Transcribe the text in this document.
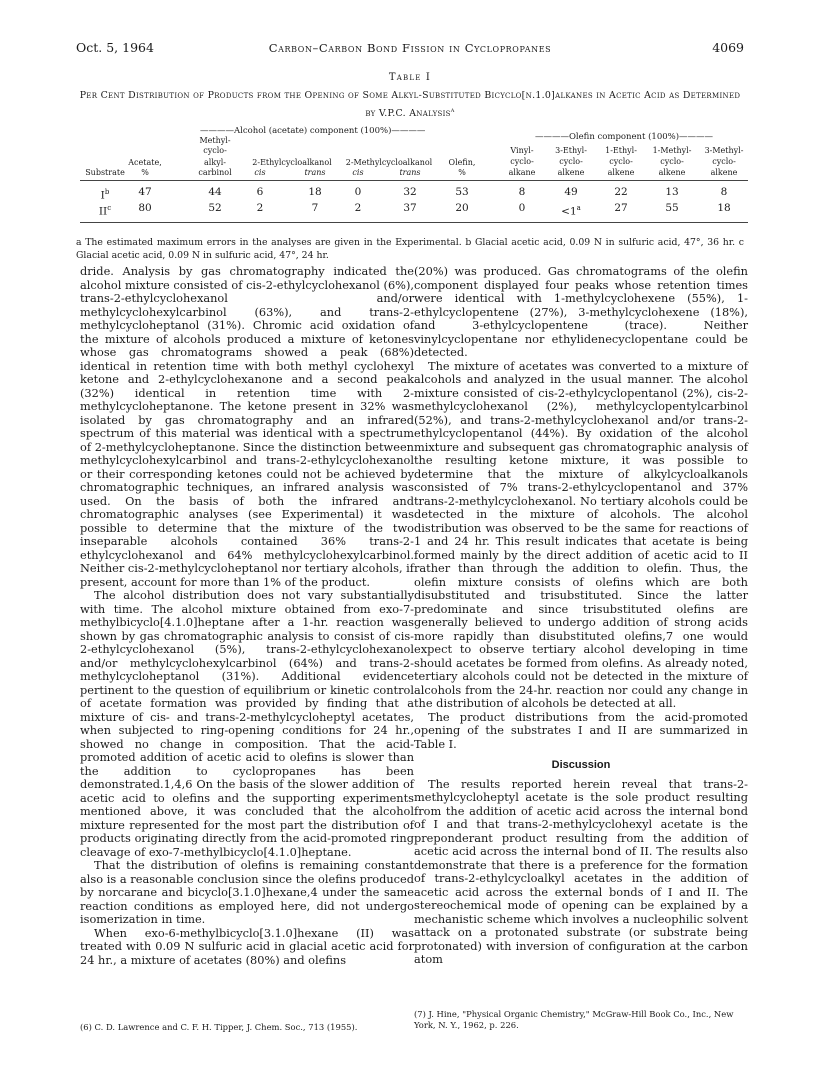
Oct. 5, 1964	Carbon–Carbon Bond Fission in Cyclopropanes	4069
Table I
Per Cent Distribution of Products from the Opening of Some Alkyl-Substituted Bicyclo[n.1.0]alkanes in Acetic Acid as Determined by V.P.C. Analysis$^a$
————Alcohol (acetate) component (100%)————
————Olefin component (100%)————
Substrate
Acetate,
%
Methyl-
cyclo-
alkyl-
carbinol
2-Ethylcycloalkanol
cis	trans
2-Methylcycloalkanol
cis	trans
Olefin,
%
Vinyl-
cyclo-
alkane
3-Ethyl-
cyclo-
alkene
1-Ethyl-
cyclo-
alkene
1-Methyl-
cyclo-
alkene
3-Methyl-
cyclo-
alkene
$I^b$	47	44	6	18	0	32	53	8	49	22	13	8
$II^c$	80	52	2	7	2	37	20	0	$<1^a$	27	55	18
a The estimated maximum errors in the analyses are given in the Experimental. b Glacial acetic acid, 0.09 N in sulfuric acid, 47°, 36 hr. c Glacial acetic acid, 0.09 N in sulfuric acid, 47°, 24 hr.

dride. Analysis by gas chromatography indicated the alcohol mixture consisted of cis-2-ethylcyclohexanol (6%), trans-2-ethylcyclohexanol and/or methylcyclohexylcarbinol (63%), and trans-2-methylcycloheptanol (31%). Chromic acid oxidation of the mixture of alcohols produced a mixture of ketones whose gas chromatograms showed a peak (68%) identical in retention time with both methyl cyclohexyl ketone and 2-ethylcyclohexanone and a second peak (32%) identical in retention time with 2-methylcycloheptanone. The ketone present in 32% was isolated by gas chromatography and an infrared spectrum of this material was identical with a spectrum of 2-methylcycloheptanone. Since the distinction between methylcyclohexylcarbinol and trans-2-ethylcyclohexanol or their corresponding ketones could not be achieved by chromatographic techniques, an infrared analysis was used. On the basis of both the infrared and chromatographic analyses (see Experimental) it was possible to determine that the mixture of the two inseparable alcohols contained 36% trans-2-ethylcyclohexanol and 64% methylcyclohexylcarbinol. Neither cis-2-methylcycloheptanol nor tertiary alcohols, if present, account for more than 1% of the product.

The alcohol distribution does not vary substantially with time. The alcohol mixture obtained from exo-7-methylbicyclo[4.1.0]heptane after a 1-hr. reaction was shown by gas chromatographic analysis to consist of cis-2-ethylcyclohexanol (5%), trans-2-ethylcyclohexanol and/or methylcyclohexylcarbinol (64%) and trans-2-methylcycloheptanol (31%). Additional evidence pertinent to the question of equilibrium or kinetic control of acetate formation was provided by finding that a mixture of cis- and trans-2-methylcycloheptyl acetates, when subjected to ring-opening conditions for 24 hr., showed no change in composition. That the acid-promoted addition of acetic acid to olefins is slower than the addition to cyclopropanes has been demonstrated.1,4,6 On the basis of the slower addition of acetic acid to olefins and the supporting experiments mentioned above, it was concluded that the alcohol mixture represented for the most part the distribution of products originating directly from the acid-promoted ring cleavage of exo-7-methylbicyclo[4.1.0]heptane.

That the distribution of olefins is remaining constant also is a reasonable conclusion since the olefins produced by norcarane and bicyclo[3.1.0]hexane,4 under the same reaction conditions as employed here, did not undergo isomerization in time.

When exo-6-methylbicyclo[3.1.0]hexane (II) was treated with 0.09 N sulfuric acid in glacial acetic acid for 24 hr., a mixture of acetates (80%) and olefins

(20%) was produced. Gas chromatograms of the olefin component displayed four peaks whose retention times were identical with 1-methylcyclohexene (55%), 1-ethylcyclopentene (27%), 3-methylcyclohexene (18%), and 3-ethylcyclopentene (trace). Neither vinylcyclopentane nor ethylidenecyclopentane could be detected.

The mixture of acetates was converted to a mixture of alcohols and analyzed in the usual manner. The alcohol mixture consisted of cis-2-ethylcyclopentanol (2%), cis-2-methylcyclohexanol (2%), methylcyclopentylcarbinol (52%), and trans-2-methylcyclohexanol and/or trans-2-ethylcyclopentanol (44%). By oxidation of the alcohol mixture and subsequent gas chromatographic analysis of the resulting ketone mixture, it was possible to determine that the mixture of alkylcycloalkanols consisted of 7% trans-2-ethylcyclopentanol and 37% trans-2-methylcyclohexanol. No tertiary alcohols could be detected in the mixture of alcohols. The alcohol distribution was observed to be the same for reactions of 1 and 24 hr. This result indicates that acetate is being formed mainly by the direct addition of acetic acid to II rather than through the addition to olefin. Thus, the olefin mixture consists of olefins which are both disubstituted and trisubstituted. Since the latter predominate and since trisubstituted olefins are generally believed to undergo addition of strong acids more rapidly than disubstituted olefins,7 one would expect to observe tertiary alcohol developing in time should acetates be formed from olefins. As already noted, tertiary alcohols could not be detected in the mixture of alcohols from the 24-hr. reaction nor could any change in the distribution of alcohols be detected at all.

The product distributions from the acid-promoted opening of the substrates I and II are summarized in Table I.

Discussion

The results reported herein reveal that trans-2-methylcycloheptyl acetate is the sole product resulting from the addition of acetic acid across the internal bond of I and that trans-2-methylcyclohexyl acetate is the preponderant product resulting from the addition of acetic acid across the internal bond of II. The results also demonstrate that there is a preference for the formation of trans-2-ethylcycloalkyl acetates in the addition of acetic acid across the external bonds of I and II. The stereochemical mode of opening can be explained by a mechanistic scheme which involves a nucleophilic solvent attack on a protonated substrate (or substrate being protonated) with inversion of configuration at the carbon atom

(6) C. D. Lawrence and C. F. H. Tipper, J. Chem. Soc., 713 (1955).
(7) J. Hine, "Physical Organic Chemistry," McGraw-Hill Book Co., Inc., New York, N. Y., 1962, p. 226.
